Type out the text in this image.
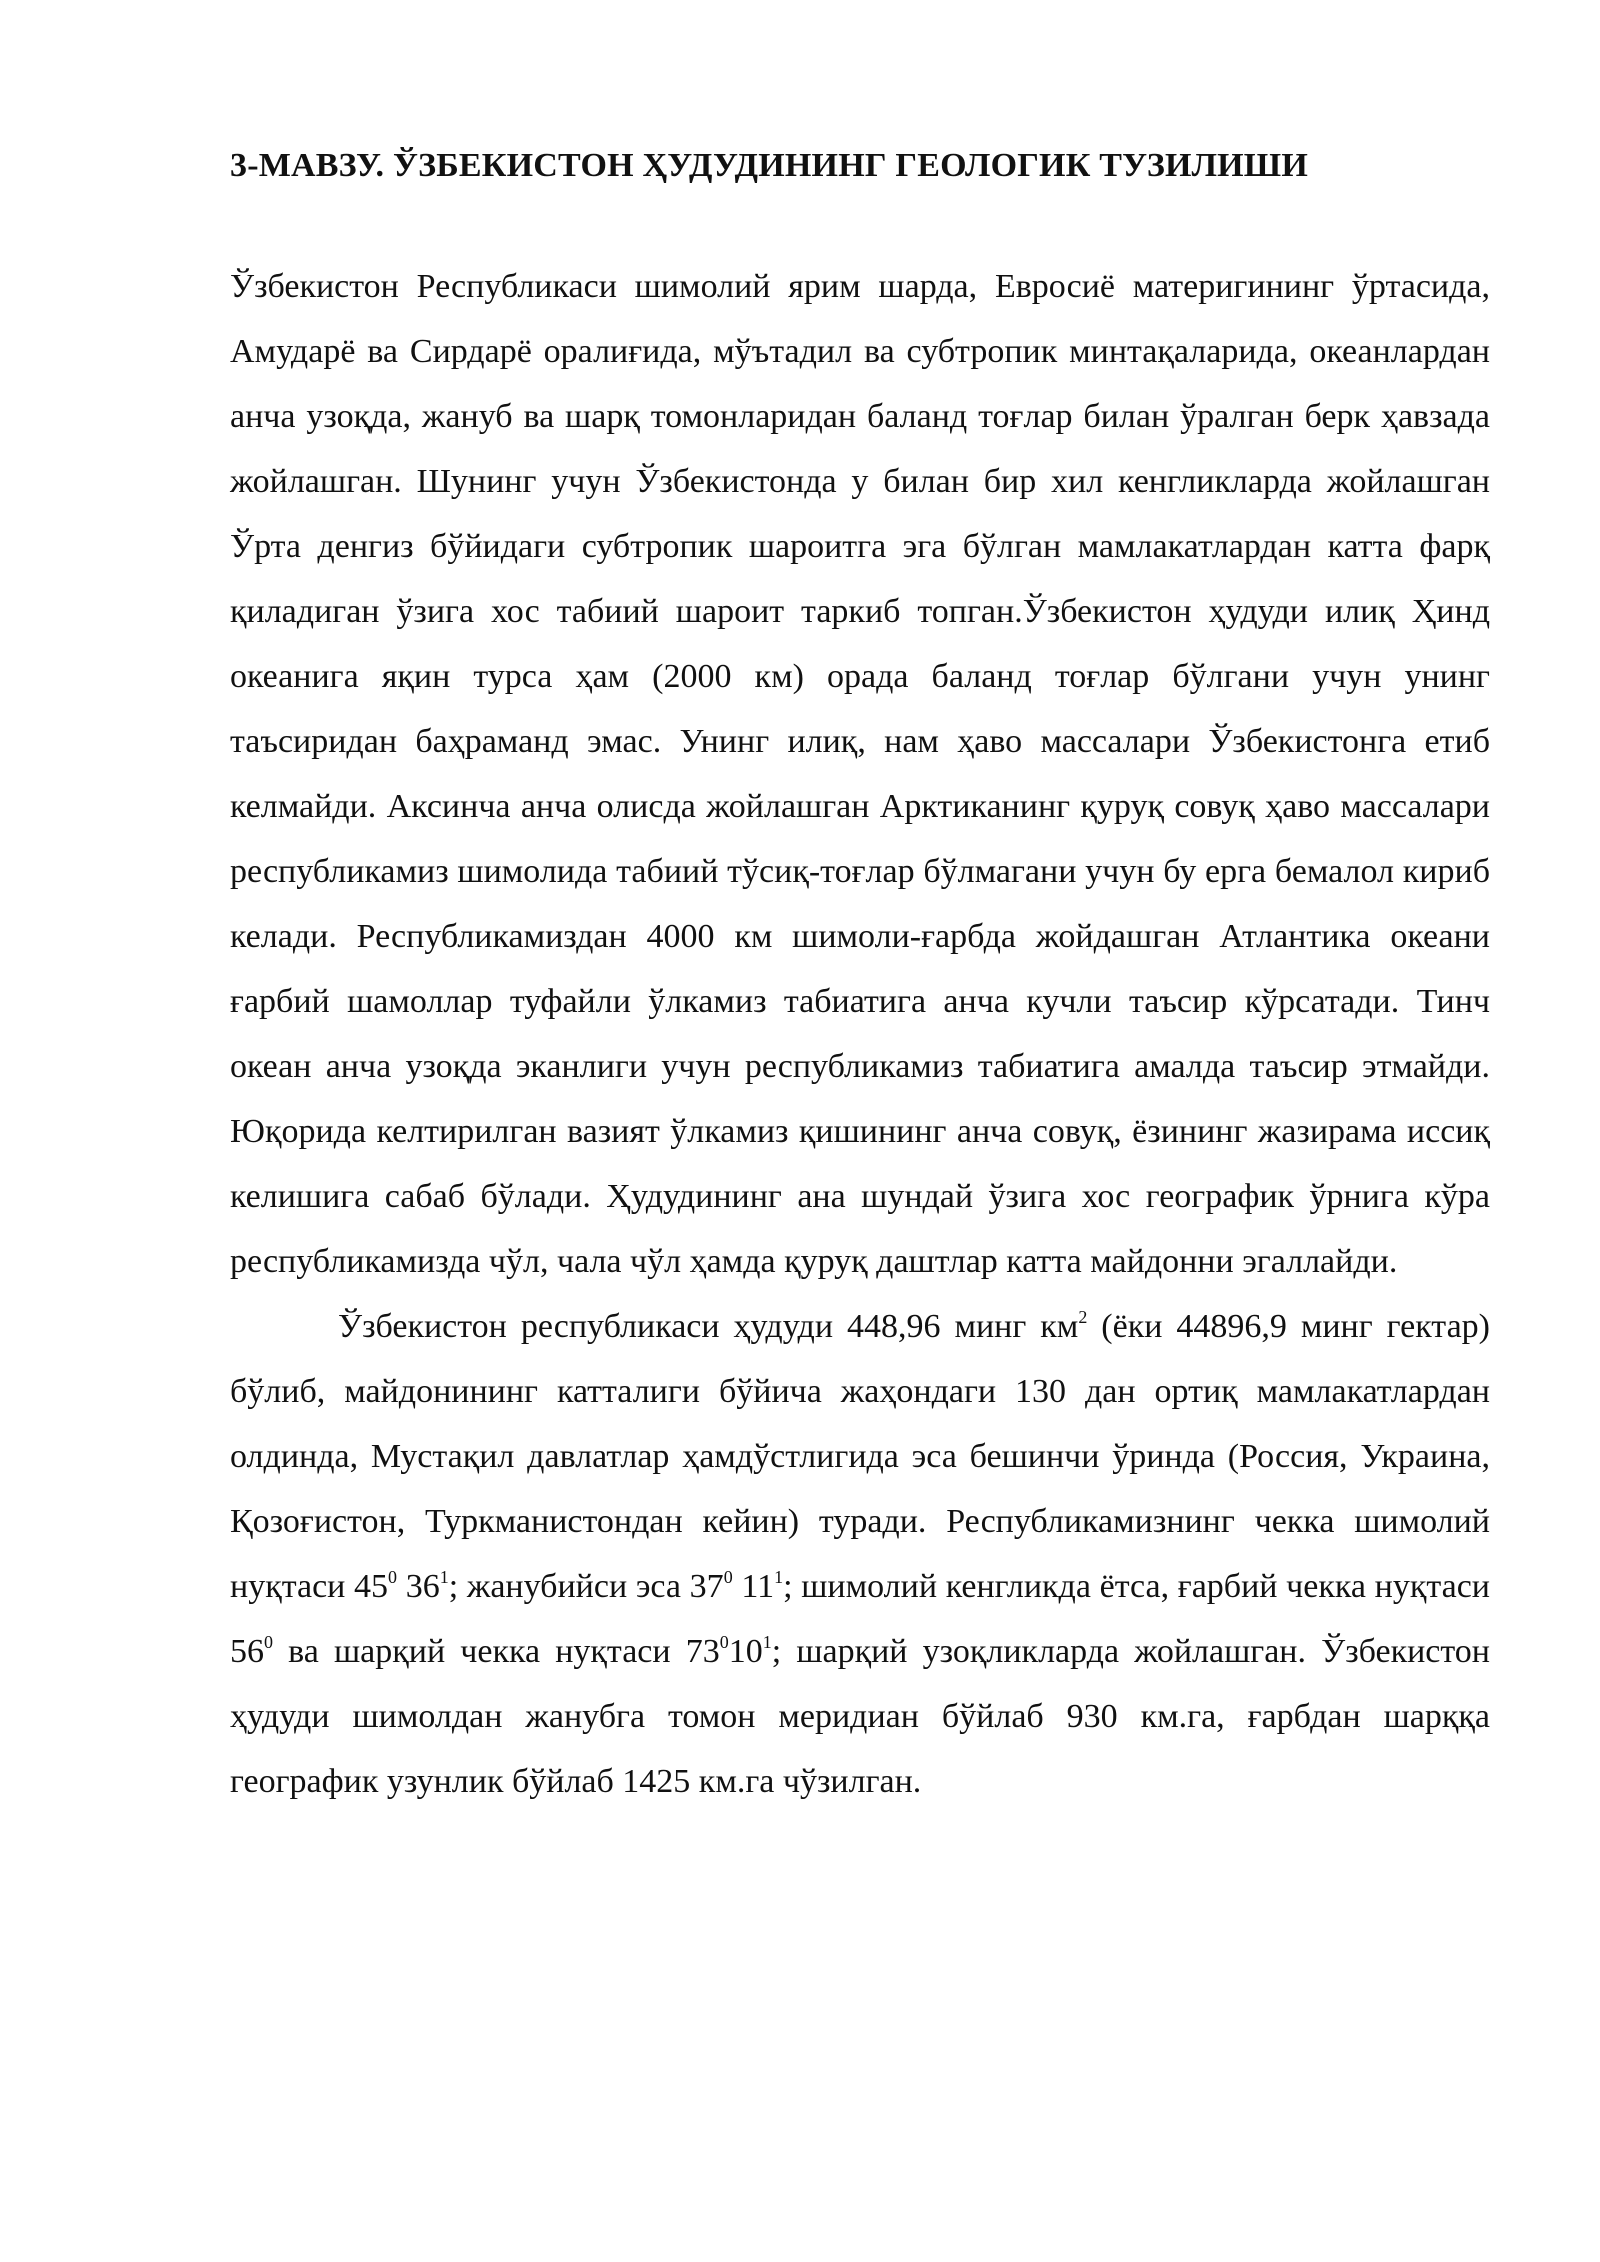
3-МАВЗУ. ЎЗБЕКИСТОН ҲУДУДИНИНГ ГЕОЛОГИК ТУЗИЛИШИ

Ўзбекистон Республикаси шимолий ярим шарда, Евросиё материгининг ўртасида, Амударё ва Сирдарё оралиғида, мўътадил ва субтропик минтақаларида, океанлардан анча узоқда, жануб ва шарқ томонларидан баланд тоғлар билан ўралган берк ҳавзада жойлашган. Шунинг учун Ўзбекистонда у билан бир хил кенгликларда жойлашган Ўрта денгиз бўйидаги субтропик шароитга эга бўлган мамлакатлардан катта фарқ қиладиган ўзига хос табиий шароит таркиб топган.Ўзбекистон ҳудуди илиқ Ҳинд океанига яқин турса ҳам (2000 км) орада баланд тоғлар бўлгани учун унинг таъсиридан баҳраманд эмас. Унинг илиқ, нам ҳаво массалари Ўзбекистонга етиб келмайди. Аксинча анча олисда жойлашган Арктиканинг қуруқ совуқ ҳаво массалари республикамиз шимолида табиий тўсиқ-тоғлар бўлмагани учун бу ерга бемалол кириб келади. Республикамиздан 4000 км шимоли-ғарбда жойдашган Атлантика океани ғарбий шамоллар туфайли ўлкамиз табиатига анча кучли таъсир кўрсатади. Тинч океан анча узоқда эканлиги учун республикамиз табиатига амалда таъсир этмайди. Юқорида келтирилган вазият ўлкамиз қишининг анча совуқ, ёзининг жазирама иссиқ келишига сабаб бўлади. Ҳудудининг ана шундай ўзига хос географик ўрнига кўра республикамизда чўл, чала чўл ҳамда қуруқ даштлар катта майдонни эгаллайди.

Ўзбекистон республикаси ҳудуди 448,96 минг $км^2$ (ёки 44896,9 минг гектар) бўлиб, майдонининг катталиги бўйича жаҳондаги 130 дан ортиқ мамлакатлардан олдинда, Мустақил давлатлар ҳамдўстлигида эса бешинчи ўринда (Россия, Украина, Қозоғистон, Туркманистондан кейин) туради. Республикамизнинг чекка шимолий нуқтаси $45^0$ $36^1$; жанубийси эса $37^0$ $11^1$; шимолий кенгликда ётса, ғарбий чекка нуқтаси $56^0$ ва шарқий чекка нуқтаси $73^010^1$; шарқий узоқликларда жойлашган. Ўзбекистон ҳудуди шимолдан жанубга томон меридиан бўйлаб 930 км.га, ғарбдан шарққа географик узунлик бўйлаб 1425 км.га чўзилган.
